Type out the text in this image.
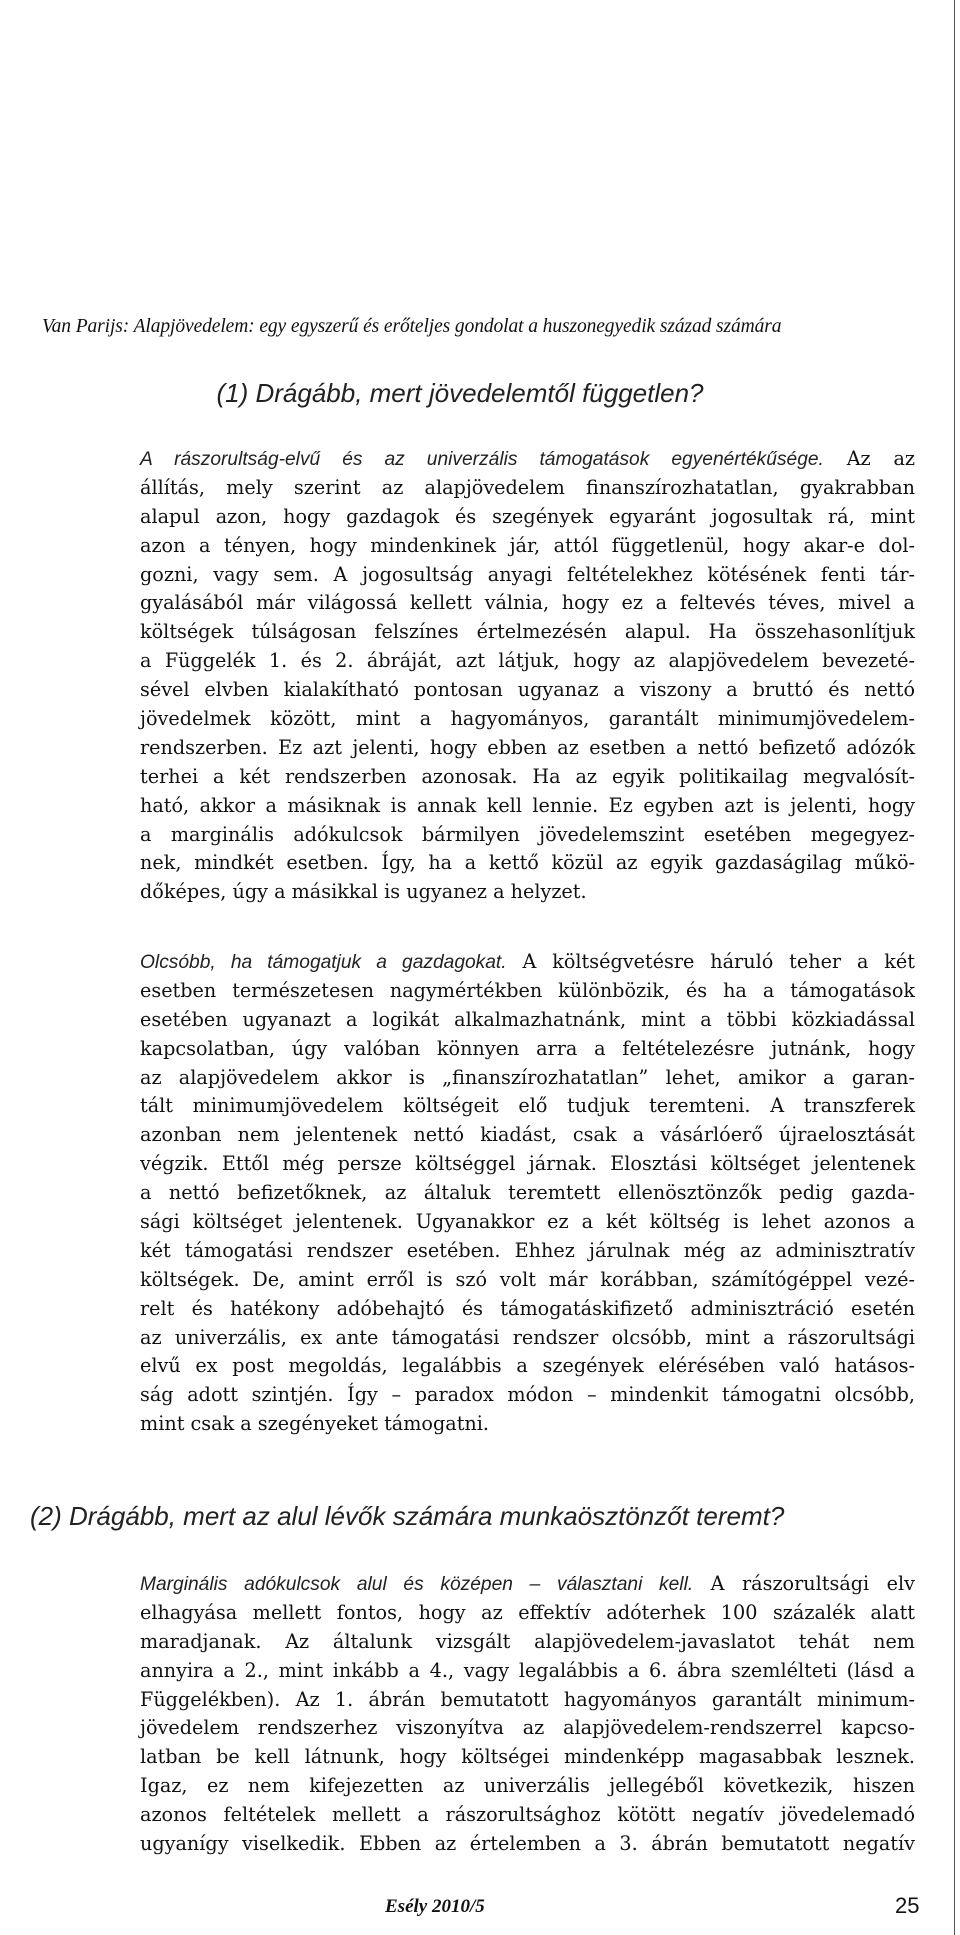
Van Parijs: Alapjövedelem: egy egyszerű és erőteljes gondolat a huszonegyedik század számára
(1) Drágább, mert jövedelemtől független?
A rászorultság-elvű és az univerzális támogatások egyenértékűsége. Az az
állítás, mely szerint az alapjövedelem finanszírozhatatlan, gyakrabban
alapul azon, hogy gazdagok és szegények egyaránt jogosultak rá, mint
azon a tényen, hogy mindenkinek jár, attól függetlenül, hogy akar-e dol-
gozni, vagy sem. A jogosultság anyagi feltételekhez kötésének fenti tár-
gyalásából már világossá kellett válnia, hogy ez a feltevés téves, mivel a
költségek túlságosan felszínes értelmezésén alapul. Ha összehasonlítjuk
a Függelék 1. és 2. ábráját, azt látjuk, hogy az alapjövedelem bevezeté-
sével elvben kialakítható pontosan ugyanaz a viszony a bruttó és nettó
jövedelmek között, mint a hagyományos, garantált minimumjövedelem-
rendszerben. Ez azt jelenti, hogy ebben az esetben a nettó befizető adózók
terhei a két rendszerben azonosak. Ha az egyik politikailag megvalósít-
ható, akkor a másiknak is annak kell lennie. Ez egyben azt is jelenti, hogy
a marginális adókulcsok bármilyen jövedelemszint esetében megegyez-
nek, mindkét esetben. Így, ha a kettő közül az egyik gazdaságilag műkö-
dőképes, úgy a másikkal is ugyanez a helyzet.
Olcsóbb, ha támogatjuk a gazdagokat. A költségvetésre háruló teher a két
esetben természetesen nagymértékben különbözik, és ha a támogatások
esetében ugyanazt a logikát alkalmazhatnánk, mint a többi közkiadással
kapcsolatban, úgy valóban könnyen arra a feltételezésre jutnánk, hogy
az alapjövedelem akkor is „finanszírozhatatlan” lehet, amikor a garan-
tált minimumjövedelem költségeit elő tudjuk teremteni. A transzferek
azonban nem jelentenek nettó kiadást, csak a vásárlóerő újraelosztását
végzik. Ettől még persze költséggel járnak. Elosztási költséget jelentenek
a nettó befizetőknek, az általuk teremtett ellenösztönzők pedig gazda-
sági költséget jelentenek. Ugyanakkor ez a két költség is lehet azonos a
két támogatási rendszer esetében. Ehhez járulnak még az adminisztratív
költségek. De, amint erről is szó volt már korábban, számítógéppel vezé-
relt és hatékony adóbehajtó és támogatáskifizető adminisztráció esetén
az univerzális, ex ante támogatási rendszer olcsóbb, mint a rászorultsági
elvű ex post megoldás, legalábbis a szegények elérésében való hatásos-
ság adott szintjén. Így – paradox módon – mindenkit támogatni olcsóbb,
mint csak a szegényeket támogatni.
(2) Drágább, mert az alul lévők számára munkaösztönzőt teremt?
Marginális adókulcsok alul és középen – választani kell. A rászorultsági elv
elhagyása mellett fontos, hogy az effektív adóterhek 100 százalék alatt
maradjanak. Az általunk vizsgált alapjövedelem-javaslatot tehát nem
annyira a 2., mint inkább a 4., vagy legalábbis a 6. ábra szemlélteti (lásd a
Függelékben). Az 1. ábrán bemutatott hagyományos garantált minimum-
jövedelem rendszerhez viszonyítva az alapjövedelem-rendszerrel kapcso-
latban be kell látnunk, hogy költségei mindenképp magasabbak lesznek.
Igaz, ez nem kifejezetten az univerzális jellegéből következik, hiszen
azonos feltételek mellett a rászorultsághoz kötött negatív jövedelemadó
ugyanígy viselkedik. Ebben az értelemben a 3. ábrán bemutatott negatív
Esély 2010/5	25
